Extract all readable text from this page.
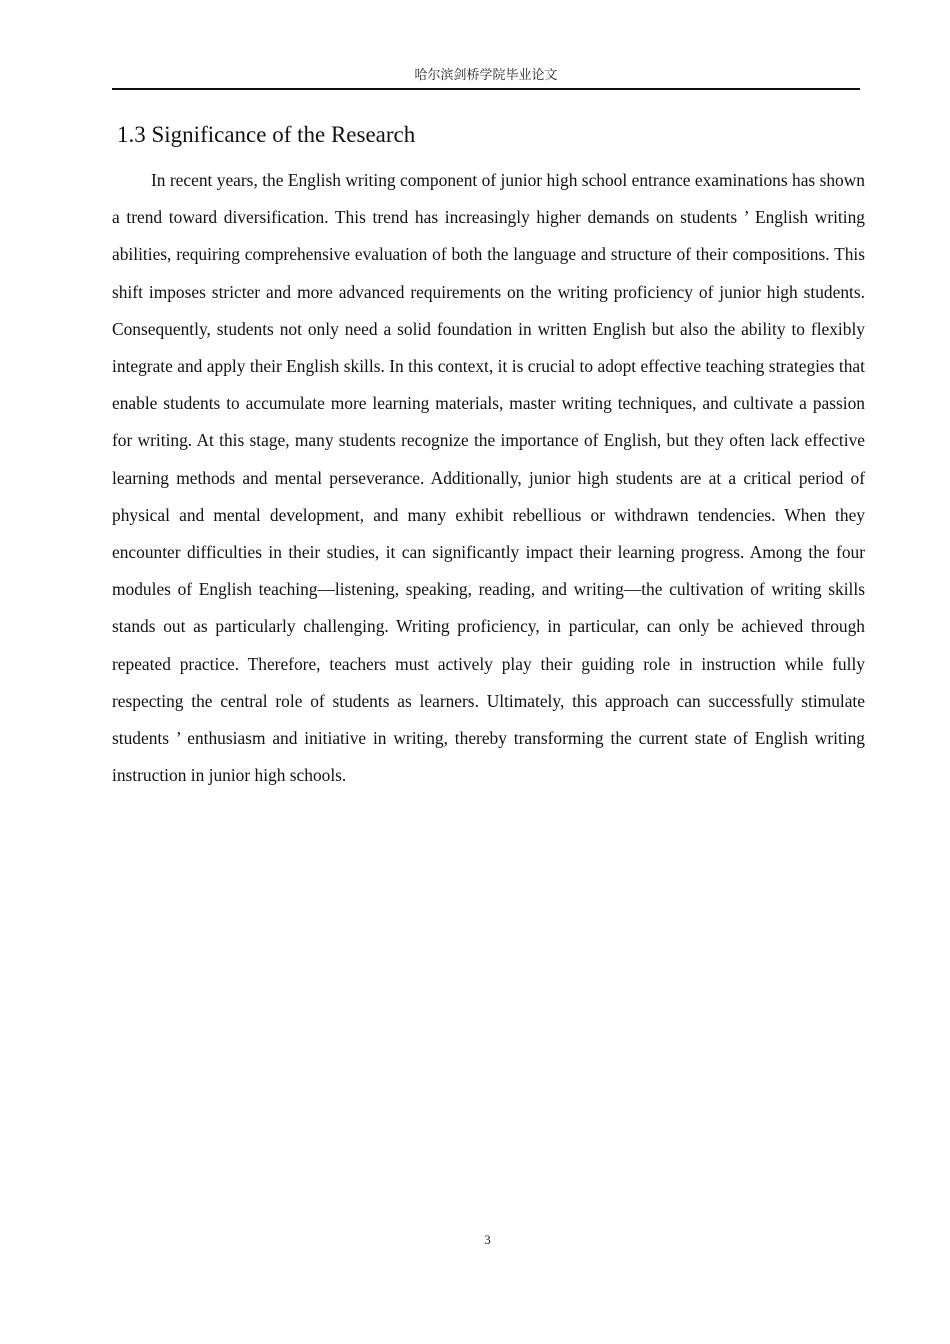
哈尔滨剑桥学院毕业论文
1.3 Significance of the Research

In recent years, the English writing component of junior high school entrance examinations has shown a trend toward diversification. This trend has increasingly higher demands on students ’ English writing abilities, requiring comprehensive evaluation of both the language and structure of their compositions. This shift imposes stricter and more advanced requirements on the writing proficiency of junior high students. Consequently, students not only need a solid foundation in written English but also the ability to flexibly integrate and apply their English skills. In this context, it is crucial to adopt effective teaching strategies that enable students to accumulate more learning materials, master writing techniques, and cultivate a passion for writing. At this stage, many students recognize the importance of English, but they often lack effective learning methods and mental perseverance. Additionally, junior high students are at a critical period of physical and mental development, and many exhibit rebellious or withdrawn tendencies. When they encounter difficulties in their studies, it can significantly impact their learning progress. Among the four modules of English teaching—listening, speaking, reading, and writing—the cultivation of writing skills stands out as particularly challenging. Writing proficiency, in particular, can only be achieved through repeated practice. Therefore, teachers must actively play their guiding role in instruction while fully respecting the central role of students as learners. Ultimately, this approach can successfully stimulate students ’ enthusiasm and initiative in writing, thereby transforming the current state of English writing instruction in junior high schools.

3
